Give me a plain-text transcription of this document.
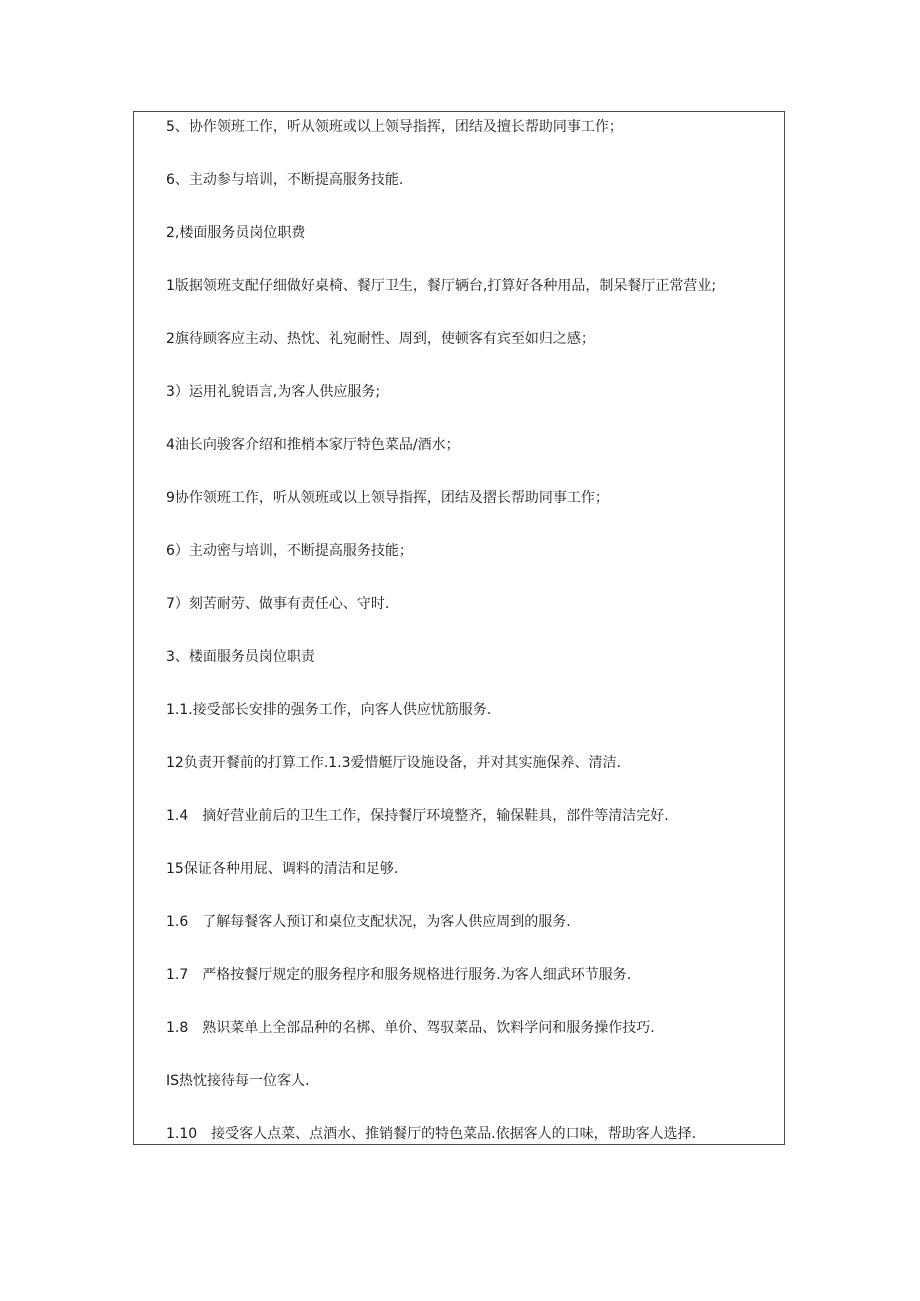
5、协作领班工作，听从领班或以上领导指挥，团结及擅长帮助同事工作；
6、主动参与培训，不断提高服务技能.
2,楼面服务员岗位职费
1版据领班支配仔细做好桌椅、餐厅卫生，餐厅辆台,打算好各种用品，制呆餐厅正常营业;
2旗待顾客应主动、热忱、礼宛耐性、周到，使顿客有宾至如归之感；
3）运用礼貌语言,为客人供应服务;
4油长向骏客介绍和推梢本家厅特色菜品/酒水；
9协作领班工作，听从领班或以上领导指挥，团结及摺长帮助同事工作；
6）主动密与培训，不断提高服务技能；
7）刻苦耐劳、做事有责任心、守时.
3、楼面服务员岗位职责
1.1.接受部长安排的强务工作，向客人供应忧筋服务.
12负责开餐前的打算工作.1.3爱惜艇厅设施设备，并对其实施保养、清洁.
1.4　摘好营业前后的卫生工作，保持餐厅环境整齐，输保鞋具，部件等清洁完好.
15保证各种用屁、调料的清洁和足够.
1.6　了解每餐客人预订和桌位支配状况，为客人供应周到的服务.
1.7　严格按餐厅规定的服务程序和服务规格进行服务.为客人细武环节服务.
1.8　熟识菜单上全部品种的名梆、单价、驾驭菜品、饮料学问和服务操作技巧.
IS热忱接待每一位客人.
1.10　接受客人点菜、点酒水、推销餐厅的特色菜品.依据客人的口味，帮助客人选择.
